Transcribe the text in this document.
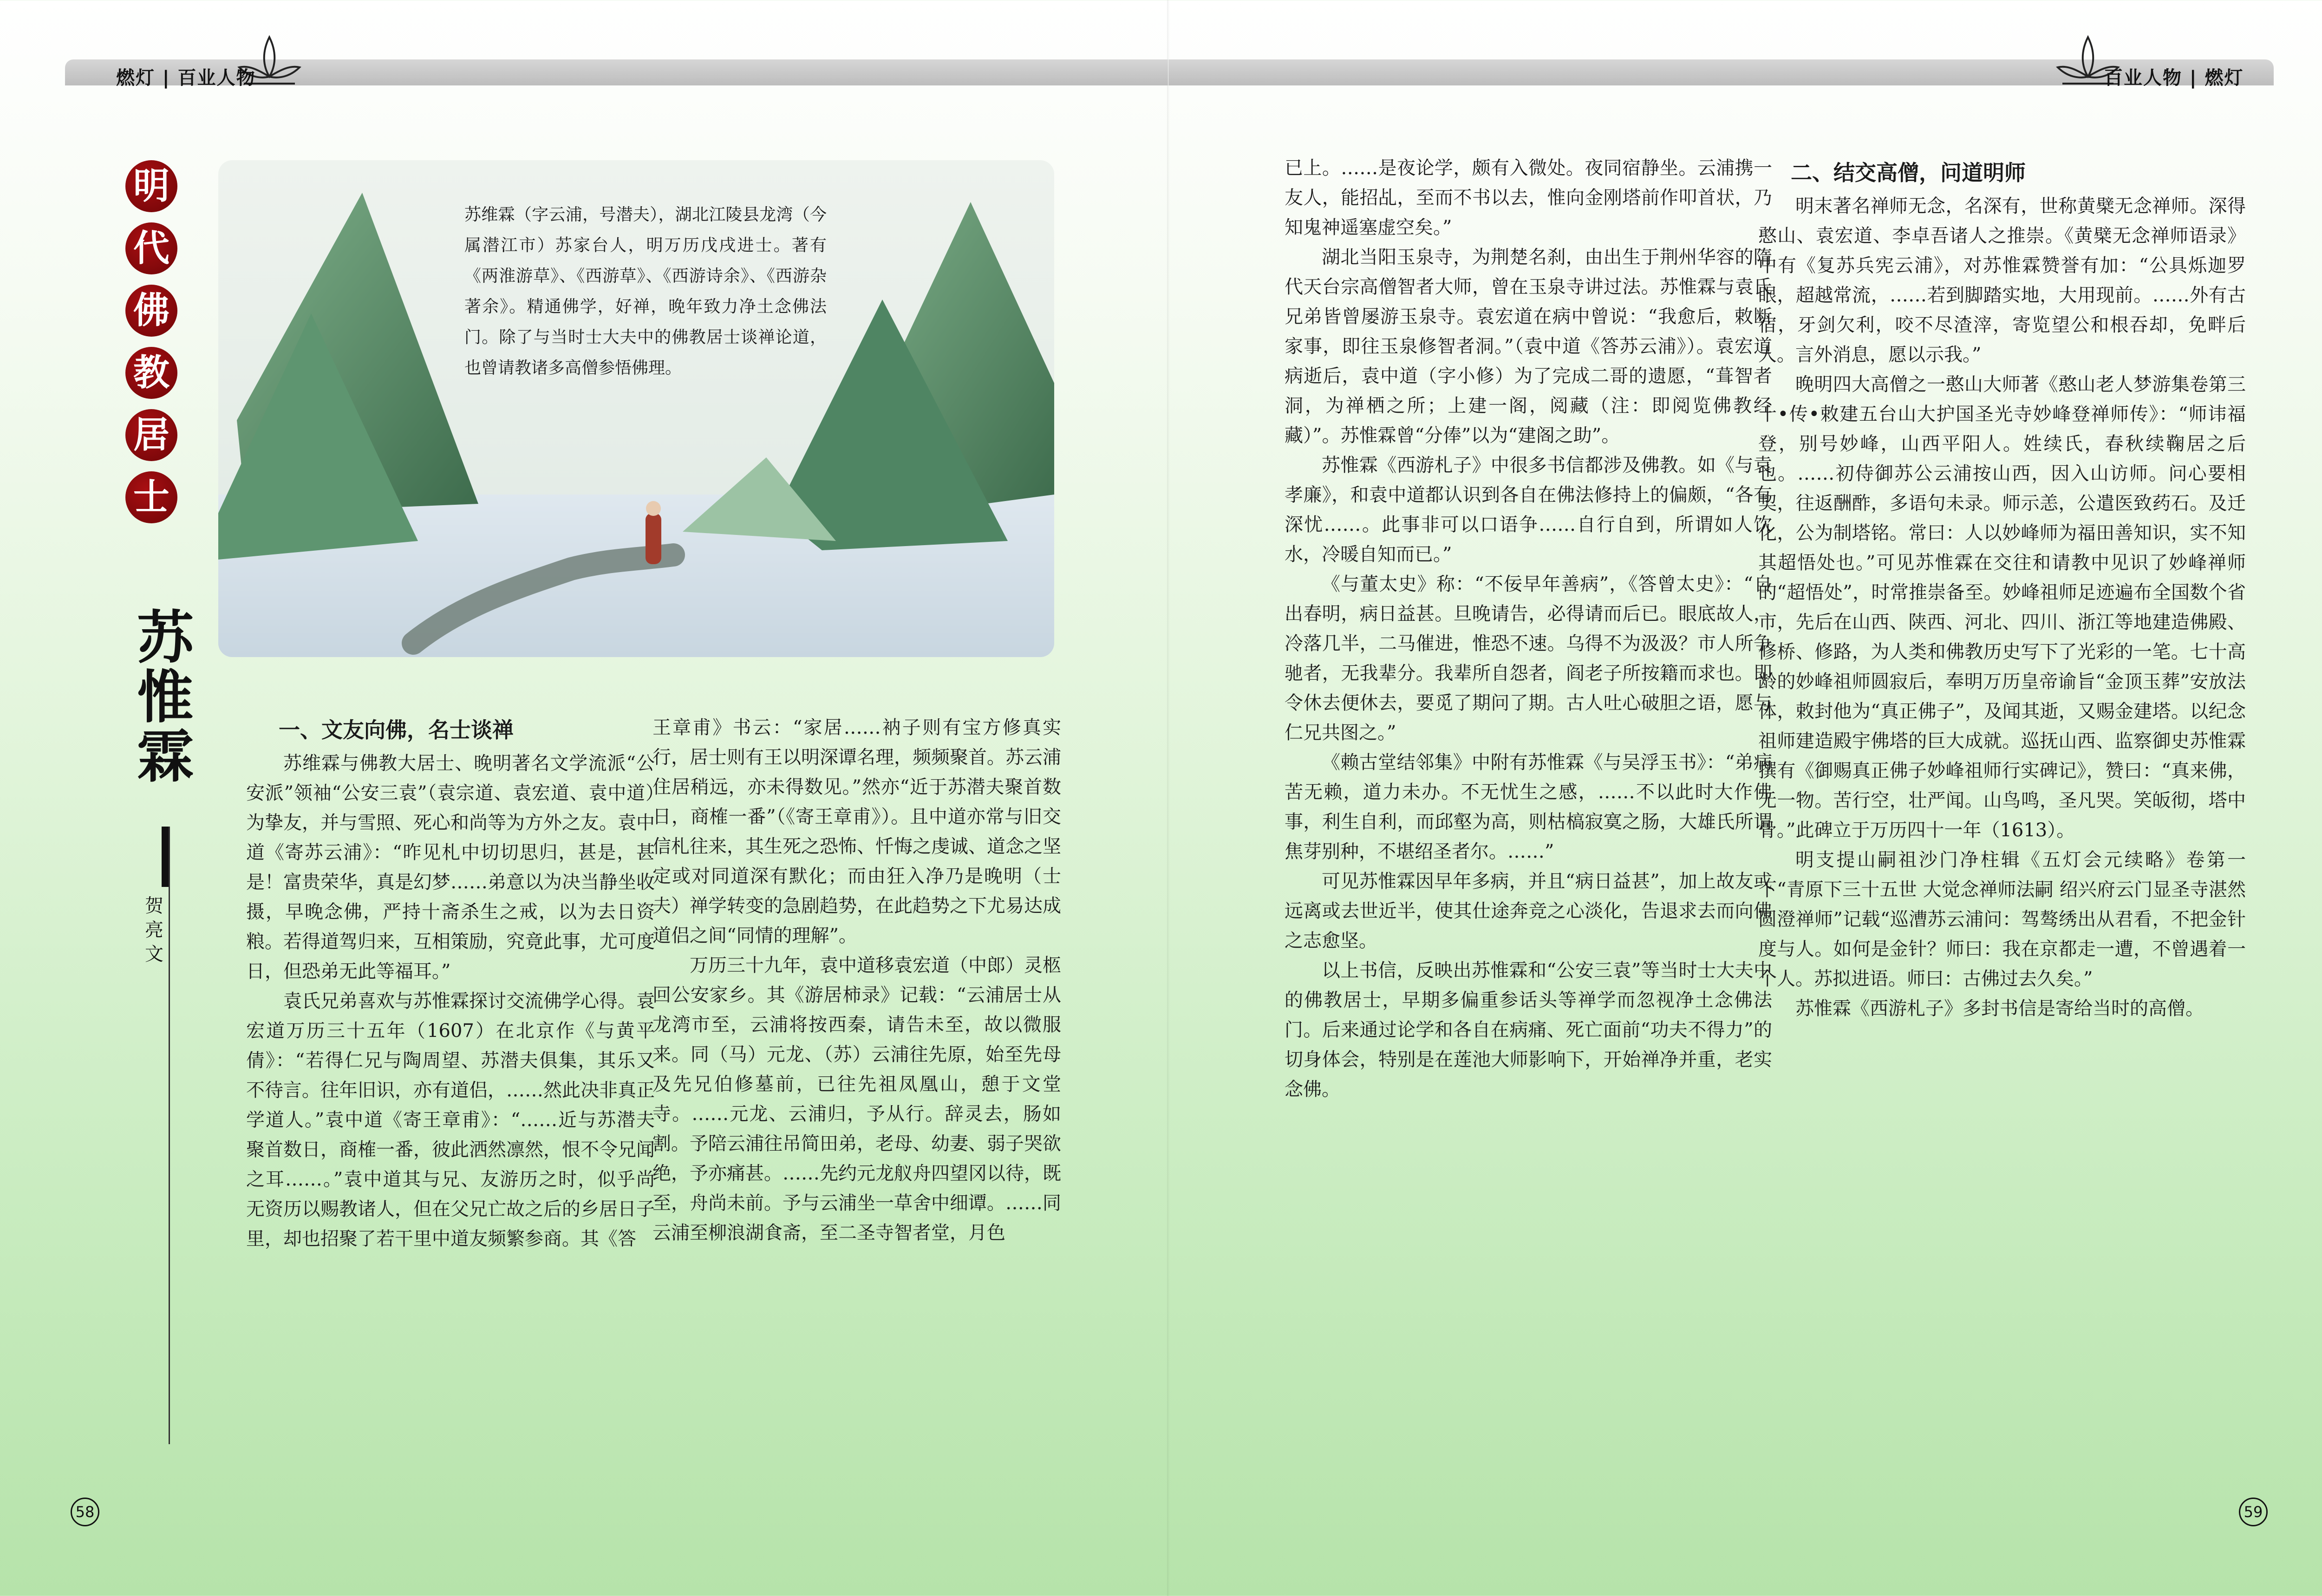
燃灯 | 百业人物
明
代
佛
教
居
士
苏
惟
霖
贺
亮
文
苏维霖（字云浦，号潜夫），湖北江陵县龙湾（今属潜江市）苏家台人，明万历戊戌进士。著有《两淮游草》、《西游草》、《西游诗余》、《西游杂著余》。精通佛学，好禅，晚年致力净土念佛法门。除了与当时士大夫中的佛教居士谈禅论道，也曾请教诸多高僧参悟佛理。
一、文友向佛，名士谈禅

苏维霖与佛教大居士、晚明著名文学流派“公安派”领袖“公安三袁”（袁宗道、袁宏道、袁中道）为挚友，并与雪照、死心和尚等为方外之友。袁中道《寄苏云浦》：“昨见札中切切思归，甚是，甚是！富贵荣华，真是幻梦……弟意以为决当静坐收摄，早晚念佛，严持十斋杀生之戒，以为去日资粮。若得道驾归来，互相策励，究竟此事，尤可度日，但恐弟无此等福耳。”

袁氏兄弟喜欢与苏惟霖探讨交流佛学心得。袁宏道万历三十五年（1607）在北京作《与黄平倩》：“若得仁兄与陶周望、苏潜夫俱集，其乐又不待言。往年旧识，亦有道侣，……然此决非真正学道人。”袁中道《寄王章甫》：“……近与苏潜夫聚首数日，商榷一番，彼此洒然凛然，恨不令兄闻之耳……。”袁中道其与兄、友游历之时，似乎尚无资历以赐教诸人，但在父兄亡故之后的乡居日子里，却也招聚了若干里中道友频繁参商。其《答

王章甫》书云：“家居……衲子则有宝方修真实行，居士则有王以明深谭名理，频频聚首。苏云浦住居稍远，亦未得数见。”然亦“近于苏潜夫聚首数日，商榷一番”（《寄王章甫》）。且中道亦常与旧交信札往来，其生死之恐怖、忏悔之虔诚、道念之坚定或对同道深有默化；而由狂入净乃是晚明（士夫）禅学转变的急剧趋势，在此趋势之下尤易达成道侣之间“同情的理解”。

万历三十九年，袁中道移袁宏道（中郎）灵柩回公安家乡。其《游居柿录》记载：“云浦居士从龙湾市至，云浦将按西秦，请告未至，故以微服来。同（马）元龙、（苏）云浦往先原，始至先母及先兄伯修墓前，已往先祖凤凰山，憩于文堂寺。……元龙、云浦归，予从行。辞灵去，肠如割。予陪云浦往吊简田弟，老母、幼妻、弱子哭欲绝，予亦痛甚。……先约元龙舣舟四望冈以待，既至，舟尚未前。予与云浦坐一草舍中细谭。……同云浦至柳浪湖食斋，至二圣寺智者堂，月色

58
百业人物 | 燃灯

已上。……是夜论学，颇有入微处。夜同宿静坐。云浦携一友人，能招乩，至而不书以去，惟向金刚塔前作叩首状，乃知鬼神遥塞虚空矣。”

湖北当阳玉泉寺，为荆楚名刹，由出生于荆州华容的隋代天台宗高僧智者大师，曾在玉泉寺讲过法。苏惟霖与袁氏兄弟皆曾屡游玉泉寺。袁宏道在病中曾说：“我愈后，敕断家事，即往玉泉修智者洞。”（袁中道《答苏云浦》）。袁宏道病逝后，袁中道（字小修）为了完成二哥的遗愿，“葺智者洞，为禅栖之所；上建一阁，阅藏（注：即阅览佛教经藏）”。苏惟霖曾“分俸”以为“建阁之助”。

苏惟霖《西游札子》中很多书信都涉及佛教。如《与袁孝廉》，和袁中道都认识到各自在佛法修持上的偏颇，“各有深忧……。此事非可以口语争……自行自到，所谓如人饮水，冷暖自知而已。”

《与董太史》称：“不佞早年善病”，《答曾太史》：“自出春明，病日益甚。旦晚请告，必得请而后已。眼底故人，冷落几半，二马催进，惟恐不速。乌得不为汲汲？市人所争驰者，无我辈分。我辈所自怨者，阎老子所按籍而求也。即令休去便休去，要觅了期问了期。古人吐心破胆之语，愿与仁兄共图之。”

《赖古堂结邻集》中附有苏惟霖《与吴浮玉书》：“弟病苦无赖，道力未办。不无忧生之感，……不以此时大作佛事，利生自利，而邱壑为高，则枯槁寂寞之肠，大雄氏所谓焦芽别种，不堪绍圣者尔。……”

可见苏惟霖因早年多病，并且“病日益甚”，加上故友或远离或去世近半，使其仕途奔竞之心淡化，告退求去而向佛之志愈坚。

以上书信，反映出苏惟霖和“公安三袁”等当时士大夫中的佛教居士，早期多偏重参话头等禅学而忽视净土念佛法门。后来通过论学和各自在病痛、死亡面前“功夫不得力”的切身体会，特别是在莲池大师影响下，开始禅净并重，老实念佛。

二、结交高僧，问道明师

明末著名禅师无念，名深有，世称黄檗无念禅师。深得憨山、袁宏道、李卓吾诸人之推崇。《黄檗无念禅师语录》中有《复苏兵宪云浦》，对苏惟霖赞誉有加：“公具烁迦罗眼，超越常流，……若到脚踏实地，大用现前。……外有古宿，牙剑欠利，咬不尽渣滓，寄览望公和根吞却，免畔后人。言外消息，愿以示我。”

晚明四大高僧之一憨山大师著《憨山老人梦游集卷第三十•传•敕建五台山大护国圣光寺妙峰登禅师传》：“师讳福登，别号妙峰，山西平阳人。姓续氏，春秋续鞠居之后也。……初侍御苏公云浦按山西，因入山访师。问心要相契，往返酬酢，多语句未录。师示恙，公遣医致药石。及迁化，公为制塔铭。常曰：人以妙峰师为福田善知识，实不知其超悟处也。”可见苏惟霖在交往和请教中见识了妙峰禅师的“超悟处”，时常推崇备至。妙峰祖师足迹遍布全国数个省市，先后在山西、陕西、河北、四川、浙江等地建造佛殿、修桥、修路，为人类和佛教历史写下了光彩的一笔。七十高龄的妙峰祖师圆寂后，奉明万历皇帝谕旨“金顶玉葬”安放法体，敕封他为“真正佛子”，及闻其逝，又赐金建塔。以纪念祖师建造殿宇佛塔的巨大成就。巡抚山西、监察御史苏惟霖撰有《御赐真正佛子妙峰祖师行实碑记》，赞曰：“真来佛，无一物。苦行空，壮严闻。山鸟鸣，圣凡哭。笑皈彻，塔中骨。”此碑立于万历四十一年（1613）。

明支提山嗣祖沙门净柱辑《五灯会元续略》卷第一下“青原下三十五世 大觉念禅师法嗣 绍兴府云门显圣寺湛然圆澄禅师”记载“巡漕苏云浦问：驾骜绣出从君看，不把金针度与人。如何是金针？师曰：我在京都走一遭，不曾遇着一个人。苏拟进语。师曰：古佛过去久矣。”

苏惟霖《西游札子》多封书信是寄给当时的高僧。

59
